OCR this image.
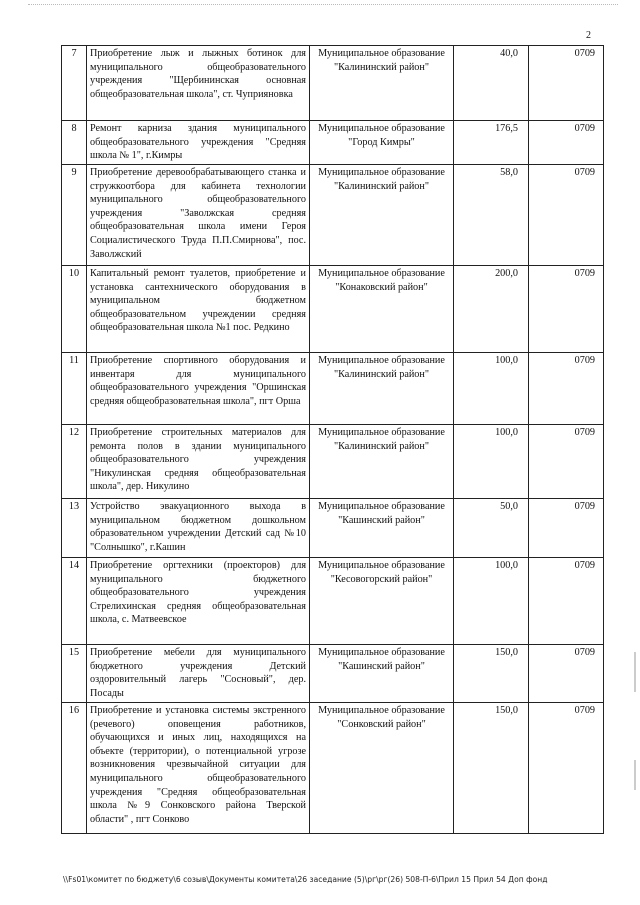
2
7	Приобретение лыж и лыжных ботинок для муниципального общеобразовательного учреждения "Щербининская основная общеобразовательная школа", ст. Чуприяновка	Муниципальное образование "Калининский район"	40,0	0709
8	Ремонт карниза здания муниципального общеобразовательного учреждения "Средняя школа № 1", г.Кимры	Муниципальное образование "Город Кимры"	176,5	0709
9	Приобретение деревообрабатывающего станка и стружкоотбора для кабинета технологии муниципального общеобразовательного учреждения "Заволжская средняя общеобразовательная школа имени Героя Социалистического Труда П.П.Смирнова", пос. Заволжский	Муниципальное образование "Калининский район"	58,0	0709
10	Капитальный ремонт туалетов, приобретение и установка сантехнического оборудования в муниципальном бюджетном общеобразовательном учреждении средняя общеобразовательная школа №1 пос. Редкино	Муниципальное образование "Конаковский район"	200,0	0709
11	Приобретение спортивного оборудования и инвентаря для муниципального общеобразовательного учреждения "Оршинская средняя общеобразовательная школа", пгт Орша	Муниципальное образование "Калининский район"	100,0	0709
12	Приобретение строительных материалов для ремонта полов в здании муниципального общеобразовательного учреждения "Никулинская средняя общеобразовательная школа", дер. Никулино	Муниципальное образование "Калининский район"	100,0	0709
13	Устройство эвакуационного выхода в муниципальном бюджетном дошкольном образовательном учреждении Детский сад №10 "Солнышко", г.Кашин	Муниципальное образование "Кашинский район"	50,0	0709
14	Приобретение оргтехники (проекторов) для муниципального бюджетного общеобразовательного учреждения Стрелихинская средняя общеобразовательная школа, с. Матвеевское	Муниципальное образование "Кесовогорский район"	100,0	0709
15	Приобретение мебели для муниципального бюджетного учреждения Детский оздоровительный лагерь "Сосновый", дер. Посады	Муниципальное образование "Кашинский район"	150,0	0709
16	Приобретение и установка системы экстренного (речевого) оповещения работников, обучающихся и иных лиц, находящихся на объекте (территории), о потенциальной угрозе возникновения чрезвычайной ситуации для муниципального общеобразовательного учреждения "Средняя общеобразовательная школа №9 Сонковского района Тверской области" , пгт Сонково	Муниципальное образование "Сонковский район"	150,0	0709
\\Fs01\комитет по бюджету\6 созыв\Документы комитета\26 заседание (5)\рг\рг(26) 508-П-6\Прил 15 Прил 54 Доп фонд
